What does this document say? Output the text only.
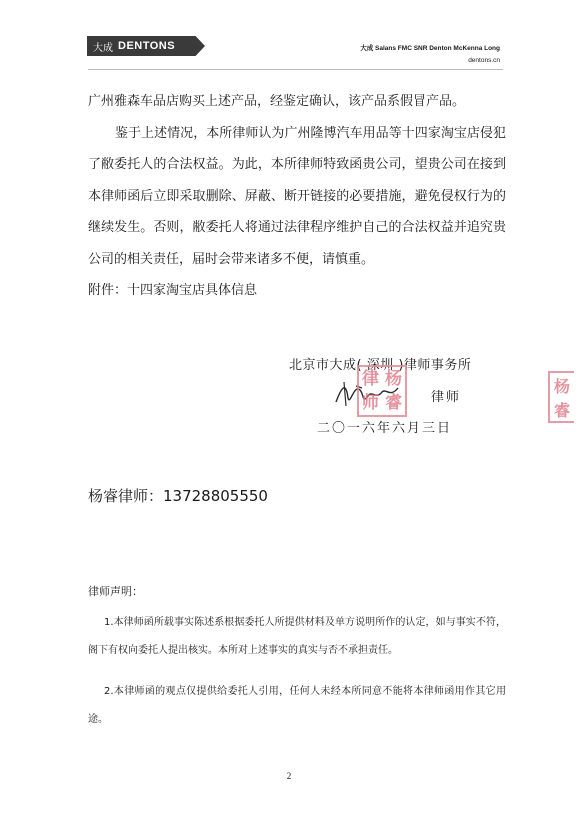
大成 DENTONS	大成 Salans FMC SNR Denton McKenna Long
dentons.cn

广州雅森车品店购买上述产品，经鉴定确认，该产品系假冒产品。

鉴于上述情况，本所律师认为广州隆博汽车用品等十四家淘宝店侵犯了敝委托人的合法权益。为此，本所律师特致函贵公司，望贵公司在接到本律师函后立即采取删除、屏蔽、断开链接的必要措施，避免侵权行为的继续发生。否则，敝委托人将通过法律程序维护自己的合法权益并追究贵公司的相关责任，届时会带来诸多不便，请慎重。

附件：十四家淘宝店具体信息

北京市大成( 深圳 )律师事务所
律 杨
师 睿 律师
杨
睿
二〇一六年六月三日
杨睿律师：13728805550
律师声明：

1.本律师函所载事实陈述系根据委托人所提供材料及单方说明所作的认定，如与事实不符，阁下有权向委托人提出核实。本所对上述事实的真实与否不承担责任。

2.本律师函的观点仅提供给委托人引用，任何人未经本所同意不能将本律师函用作其它用途。

2
